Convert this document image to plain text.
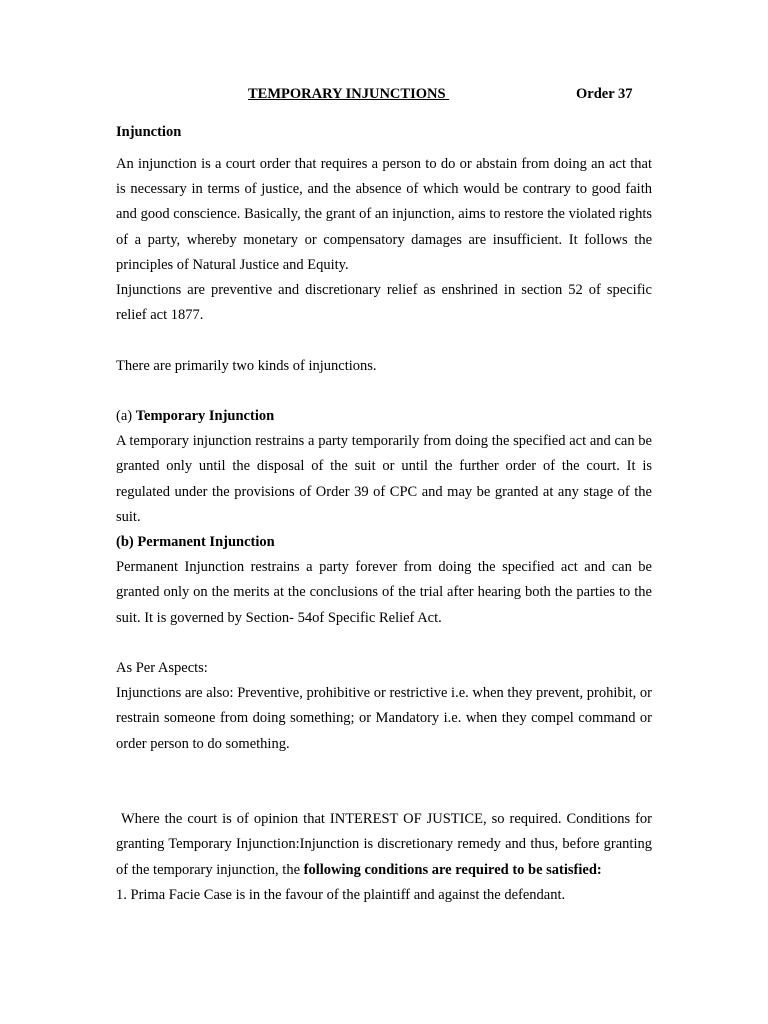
TEMPORARY INJUNCTIONS	Order 37
Injunction

An injunction is a court order that requires a person to do or abstain from doing an act that is necessary in terms of justice, and the absence of which would be contrary to good faith and good conscience. Basically, the grant of an injunction, aims to restore the violated rights of a party, whereby monetary or compensatory damages are insufficient. It follows the principles of Natural Justice and Equity.

Injunctions are preventive and discretionary relief as enshrined in section 52 of specific relief act 1877.

There are primarily two kinds of injunctions.

(a) Temporary Injunction

A temporary injunction restrains a party temporarily from doing the specified act and can be granted only until the disposal of the suit or until the further order of the court. It is regulated under the provisions of Order 39 of CPC and may be granted at any stage of the suit.

(b) Permanent Injunction

Permanent Injunction restrains a party forever from doing the specified act and can be granted only on the merits at the conclusions of the trial after hearing both the parties to the suit. It is governed by Section- 54of Specific Relief Act.

As Per Aspects:

Injunctions are also: Preventive, prohibitive or restrictive i.e. when they prevent, prohibit, or restrain someone from doing something; or Mandatory i.e. when they compel command or order person to do something.

Where the court is of opinion that INTEREST OF JUSTICE, so required. Conditions for granting Temporary Injunction:Injunction is discretionary remedy and thus, before granting of the temporary injunction, the following conditions are required to be satisfied:

1. Prima Facie Case is in the favour of the plaintiff and against the defendant.
